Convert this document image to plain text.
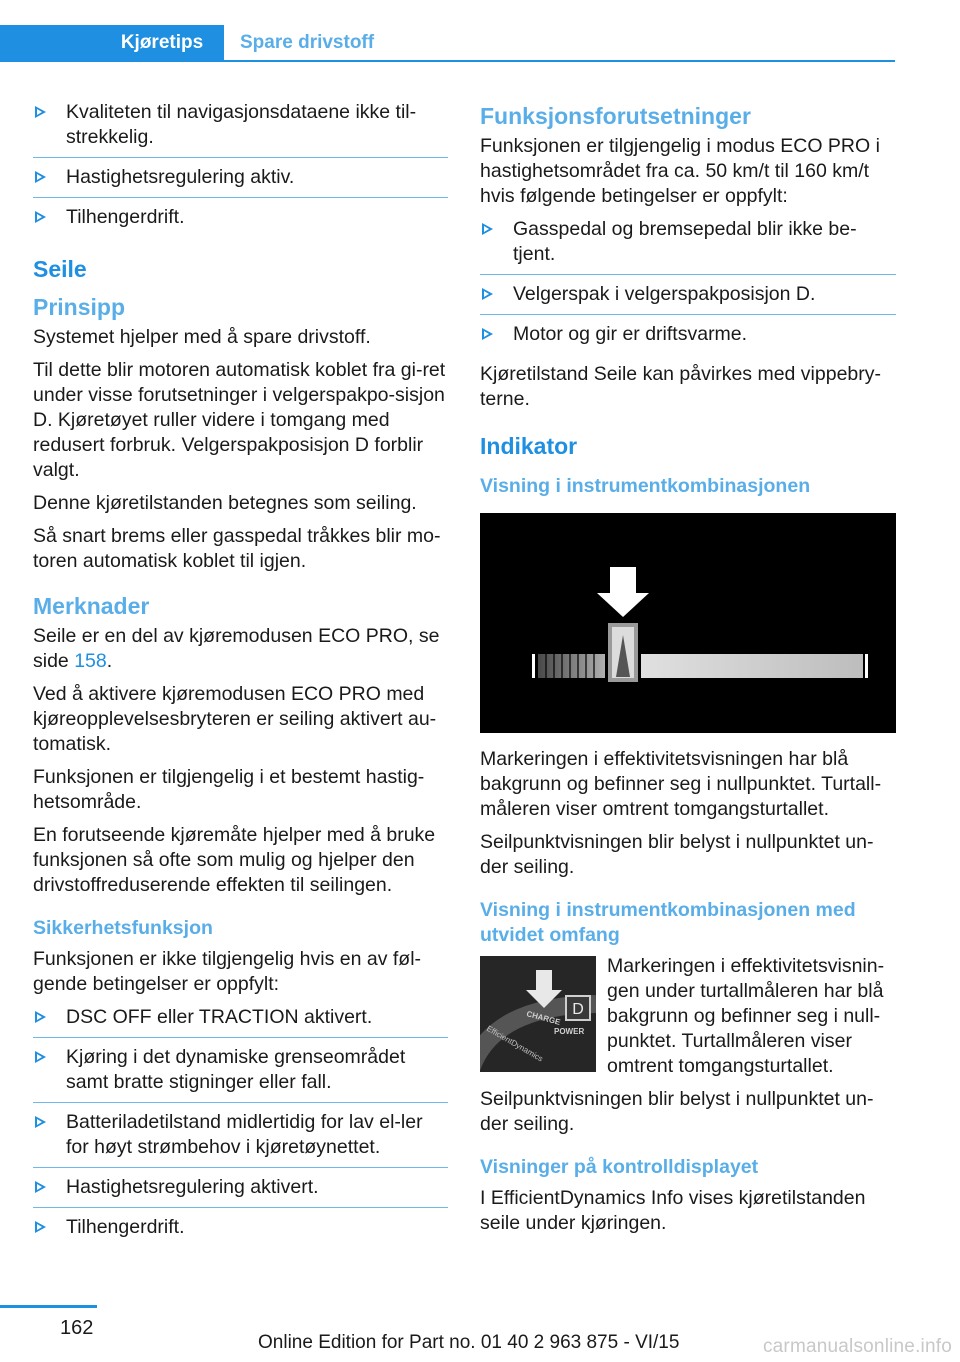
Kjøretips Spare drivstoff
Kvaliteten til navigasjonsdataene ikke til-strekkelig.
Hastighetsregulering aktiv.
Tilhengerdrift.
Seile
Prinsipp

Systemet hjelper med å spare drivstoff.

Til dette blir motoren automatisk koblet fra gi-ret under visse forutsetninger i velgerspakpo-sisjon D. Kjøretøyet ruller videre i tomgang med redusert forbruk. Velgerspakposisjon D forblir valgt.

Denne kjøretilstanden betegnes som seiling.

Så snart brems eller gasspedal tråkkes blir mo-toren automatisk koblet til igjen.

Merknader

Seile er en del av kjøremodusen ECO PRO, se side 158.

Ved å aktivere kjøremodusen ECO PRO med kjøreopplevelsesbryteren er seiling aktivert au-tomatisk.

Funksjonen er tilgjengelig i et bestemt hastig-hetsområde.

En forutseende kjøremåte hjelper med å bruke funksjonen så ofte som mulig og hjelper den drivstoffreduserende effekten til seilingen.

Sikkerhetsfunksjon

Funksjonen er ikke tilgjengelig hvis en av føl-gende betingelser er oppfylt:

DSC OFF eller TRACTION aktivert.
Kjøring i det dynamiske grenseområdet samt bratte stigninger eller fall.
Batteriladetilstand midlertidig for lav el-ler for høyt strømbehov i kjøretøynettet.
Hastighetsregulering aktivert.
Tilhengerdrift.
Funksjonsforutsetninger

Funksjonen er tilgjengelig i modus ECO PRO i hastighetsområdet fra ca. 50 km/t til 160 km/t hvis følgende betingelser er oppfylt:

Gasspedal og bremsepedal blir ikke be-tjent.
Velgerspak i velgerspakposisjon D.
Motor og gir er driftsvarme.

Kjøretilstand Seile kan påvirkes med vippebry-terne.

Indikator
Visning i instrumentkombinasjonen

Markeringen i effektivitetsvisningen har blå bakgrunn og befinner seg i nullpunktet. Turtall-måleren viser omtrent tomgangsturtallet.

Seilpunktvisningen blir belyst i nullpunktet un-der seiling.

Visning i instrumentkombinasjonen med utvidet omfang
D
CHARGE
POWER
EfficientDynamics

Markeringen i effektivitetsvisnin-gen under turtallmåleren har blå bakgrunn og befinner seg i null-punktet. Turtallmåleren viser omtrent tomgangsturtallet.

Seilpunktvisningen blir belyst i nullpunktet un-der seiling.

Visninger på kontrolldisplayet

I EfficientDynamics Info vises kjøretilstanden seile under kjøringen.

162
Online Edition for Part no. 01 40 2 963 875 - VI/15	carmanualsonline.info
